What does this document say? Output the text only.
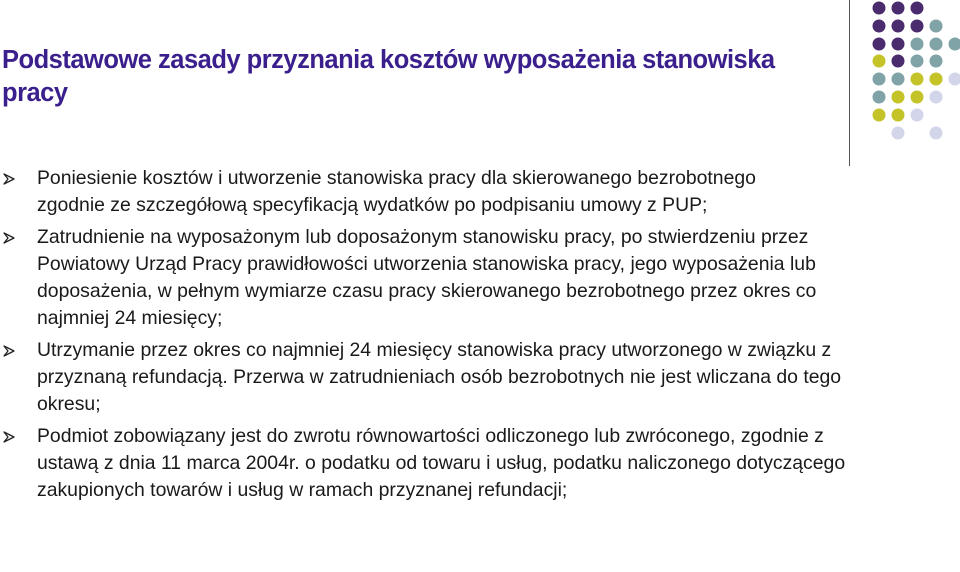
Podstawowe zasady przyznania kosztów wyposażenia stanowiska pracy
Poniesienie kosztów i utworzenie stanowiska pracy dla skierowanego bezrobotnego zgodnie ze szczegółową specyfikacją wydatków po podpisaniu umowy z PUP;
Zatrudnienie na wyposażonym lub doposażonym stanowisku pracy, po stwierdzeniu przez Powiatowy Urząd Pracy prawidłowości utworzenia stanowiska pracy, jego wyposażenia lub doposażenia, w pełnym wymiarze czasu pracy skierowanego bezrobotnego przez okres co najmniej 24 miesięcy;
Utrzymanie przez okres co najmniej 24 miesięcy stanowiska pracy utworzonego w związku z przyznaną refundacją. Przerwa w zatrudnieniach osób bezrobotnych nie jest wliczana do tego okresu;
Podmiot zobowiązany jest do zwrotu równowartości odliczonego lub zwróconego, zgodnie z ustawą z dnia 11 marca 2004r. o podatku od towaru i usług, podatku naliczonego dotyczącego zakupionych towarów i usług w ramach przyznanej refundacji;
